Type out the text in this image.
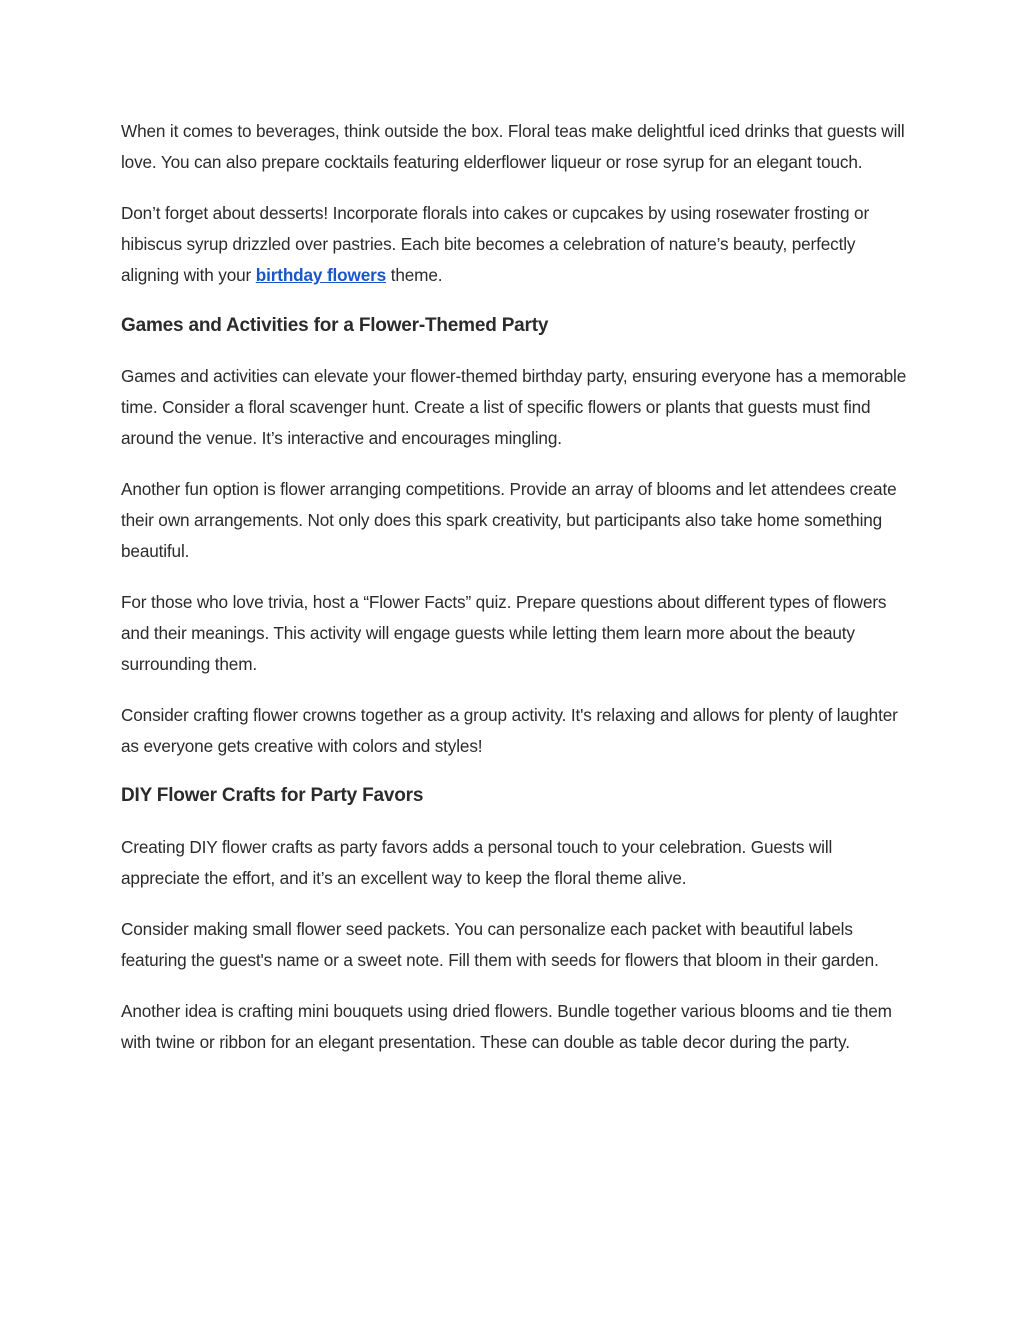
When it comes to beverages, think outside the box. Floral teas make delightful iced drinks that guests will love. You can also prepare cocktails featuring elderflower liqueur or rose syrup for an elegant touch.

Don’t forget about desserts! Incorporate florals into cakes or cupcakes by using rosewater frosting or hibiscus syrup drizzled over pastries. Each bite becomes a celebration of nature’s beauty, perfectly aligning with your birthday flowers theme.

Games and Activities for a Flower-Themed Party

Games and activities can elevate your flower-themed birthday party, ensuring everyone has a memorable time. Consider a floral scavenger hunt. Create a list of specific flowers or plants that guests must find around the venue. It’s interactive and encourages mingling.

Another fun option is flower arranging competitions. Provide an array of blooms and let attendees create their own arrangements. Not only does this spark creativity, but participants also take home something beautiful.

For those who love trivia, host a “Flower Facts” quiz. Prepare questions about different types of flowers and their meanings. This activity will engage guests while letting them learn more about the beauty surrounding them.

Consider crafting flower crowns together as a group activity. It's relaxing and allows for plenty of laughter as everyone gets creative with colors and styles!

DIY Flower Crafts for Party Favors

Creating DIY flower crafts as party favors adds a personal touch to your celebration. Guests will appreciate the effort, and it’s an excellent way to keep the floral theme alive.

Consider making small flower seed packets. You can personalize each packet with beautiful labels featuring the guest's name or a sweet note. Fill them with seeds for flowers that bloom in their garden.

Another idea is crafting mini bouquets using dried flowers. Bundle together various blooms and tie them with twine or ribbon for an elegant presentation. These can double as table decor during the party.
